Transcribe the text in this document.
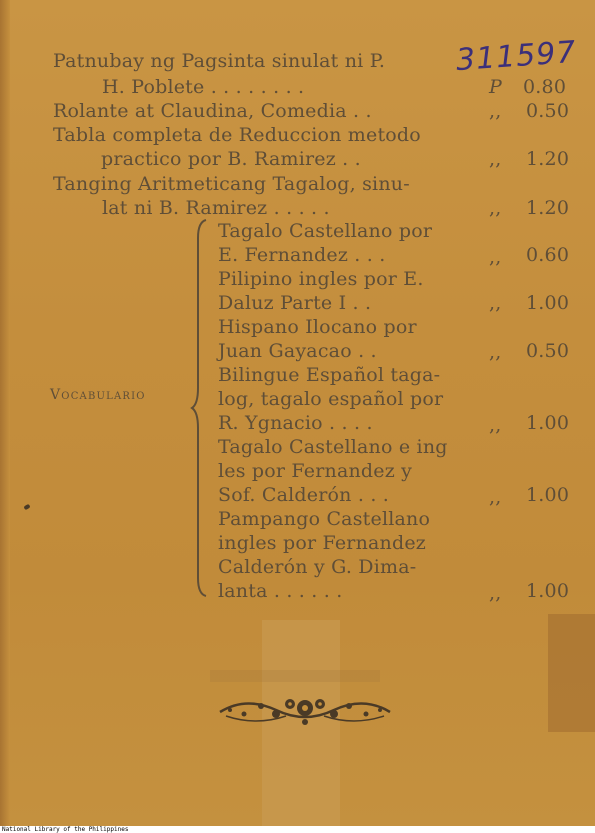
Patnubay ng Pagsinta sinulat ni P.
H. Poblete . . . . . . . .	P 0.80
Rolante at Claudina, Comedia . .	,, 0.50
Tabla completa de Reduccion metodo
practico por B. Ramirez . .	,, 1.20
Tanging Aritmeticang Tagalog, sinu-
lat ni B. Ramirez . . . . .	,, 1.20
Vocabulario
Tagalo Castellano por
E. Fernandez . . .	,, 0.60
Pilipino ingles por E.
Daluz Parte I . .	,, 1.00
Hispano Ilocano por
Juan Gayacao . .	,, 0.50
Bilingue Español taga-
log, tagalo español por
R. Ygnacio . . . .	,, 1.00
Tagalo Castellano e ing
les por Fernandez y
Sof. Calderón . . .	,, 1.00
Pampango Castellano
ingles por Fernandez
Calderón y G. Dima-
lanta . . . . . .	,, 1.00
311597
National Library of the Philippines
